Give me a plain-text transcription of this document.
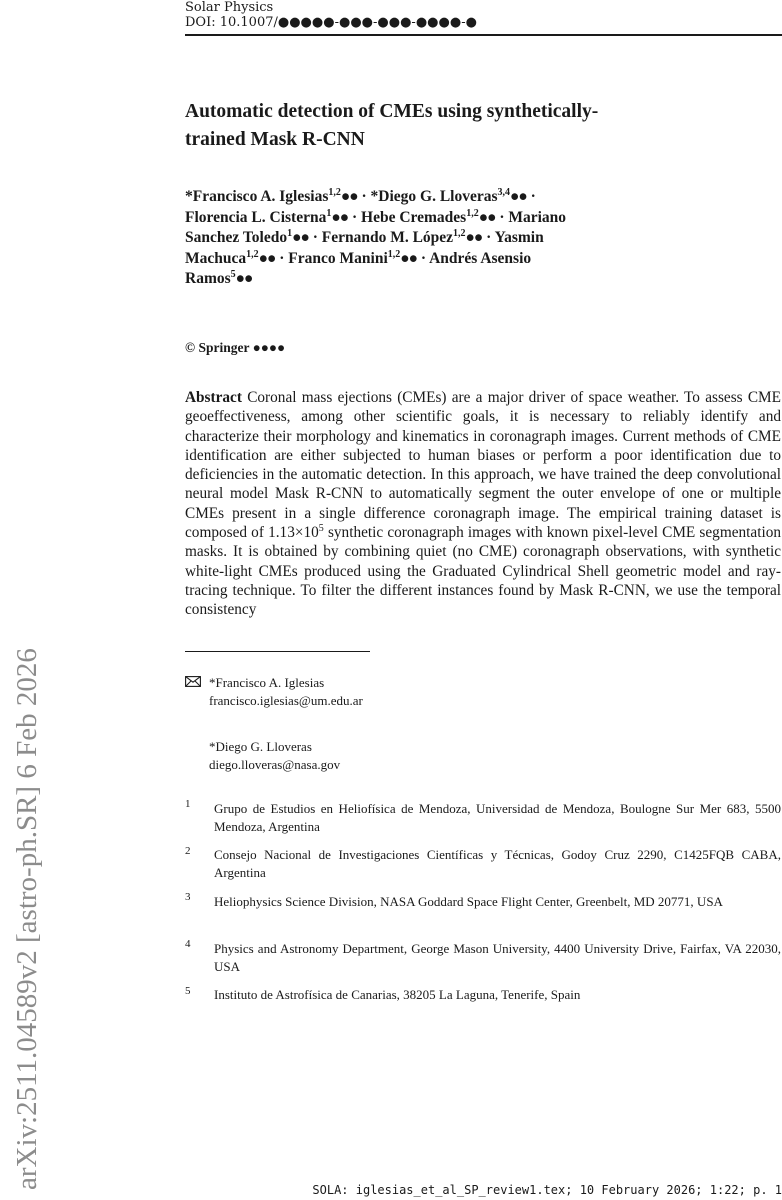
Solar Physics
DOI: 10.1007/●●●●●-●●●-●●●-●●●●-●
arXiv:2511.04589v2 [astro-ph.SR] 6 Feb 2026
Automatic detection of CMEs using synthetically-trained Mask R-CNN
*Francisco A. Iglesias$^{1,2}$●● · *Diego G. Lloveras$^{3,4}$●● · Florencia L. Cisterna$^1$●● · Hebe Cremades$^{1,2}$●● · Mariano Sanchez Toledo$^1$●● · Fernando M. López$^{1,2}$●● · Yasmin Machuca$^{1,2}$●● · Franco Manini$^{1,2}$●● · Andrés Asensio Ramos$^5$●●
© Springer ●●●●
Abstract Coronal mass ejections (CMEs) are a major driver of space weather. To assess CME geoeffectiveness, among other scientific goals, it is necessary to reliably identify and characterize their morphology and kinematics in coronagraph images. Current methods of CME identification are either subjected to human biases or perform a poor identification due to deficiencies in the automatic detection. In this approach, we have trained the deep convolutional neural model Mask R-CNN to automatically segment the outer envelope of one or multiple CMEs present in a single difference coronagraph image. The empirical training dataset is composed of $1.13\times 10^5$ synthetic coronagraph images with known pixel-level CME segmentation masks. It is obtained by combining quiet (no CME) coronagraph observations, with synthetic white-light CMEs produced using the Graduated Cylindrical Shell geometric model and ray-tracing technique. To filter the different instances found by Mask R-CNN, we use the temporal consistency
*Francisco A. Iglesias
francisco.iglesias@um.edu.ar
*Diego G. Lloveras
diego.lloveras@nasa.gov
1 Grupo de Estudios en Heliofísica de Mendoza, Universidad de Mendoza, Boulogne Sur Mer 683, 5500 Mendoza, Argentina
2 Consejo Nacional de Investigaciones Científicas y Técnicas, Godoy Cruz 2290, C1425FQB CABA, Argentina
3 Heliophysics Science Division, NASA Goddard Space Flight Center, Greenbelt, MD 20771, USA
4 Physics and Astronomy Department, George Mason University, 4400 University Drive, Fairfax, VA 22030, USA
5 Instituto de Astrofísica de Canarias, 38205 La Laguna, Tenerife, Spain
SOLA: iglesias_et_al_SP_review1.tex; 10 February 2026; 1:22; p. 1
